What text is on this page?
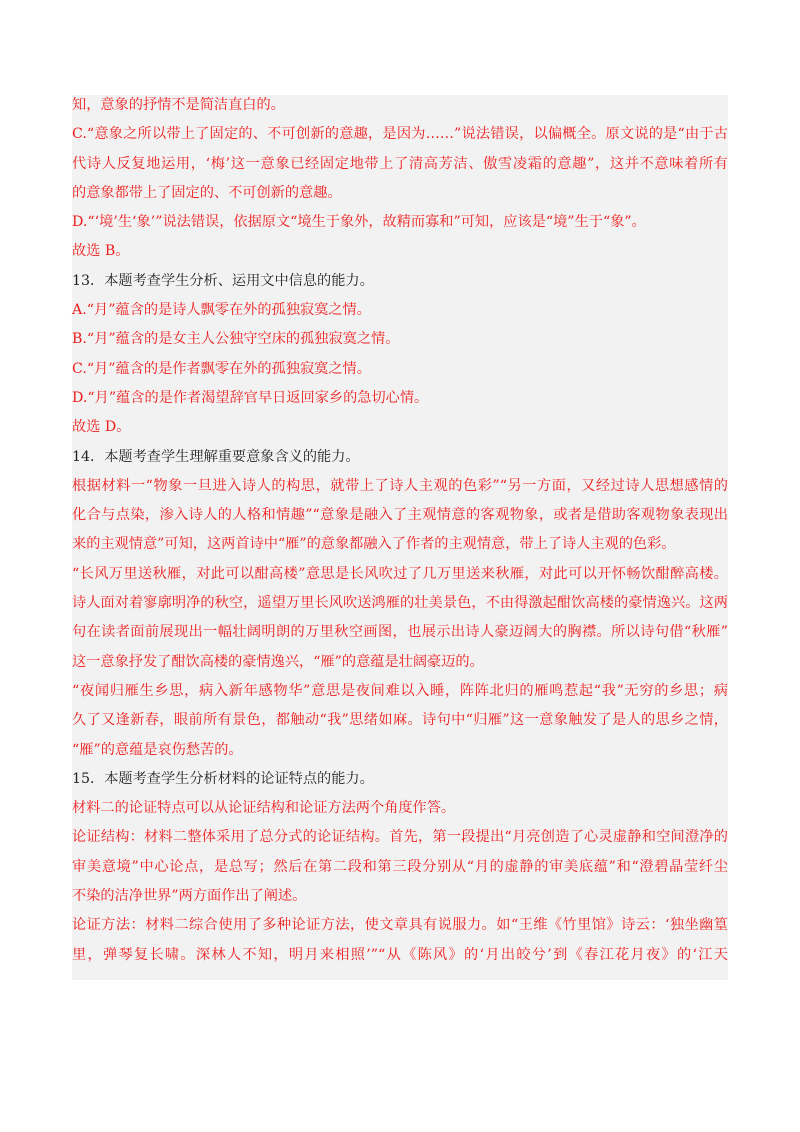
知，意象的抒情不是简洁直白的。
C.“意象之所以带上了固定的、不可创新的意趣，是因为……”说法错误，以偏概全。原文说的是“由于古
代诗人反复地运用，‘梅’这一意象已经固定地带上了清高芳洁、傲雪凌霜的意趣”，这并不意味着所有
的意象都带上了固定的、不可创新的意趣。
D.“‘境’生‘象’”说法错误，依据原文“境生于象外，故精而寡和”可知，应该是“境”生于“象”。
故选 B。
13．本题考查学生分析、运用文中信息的能力。
A.“月”蕴含的是诗人飘零在外的孤独寂寞之情。
B.“月”蕴含的是女主人公独守空床的孤独寂寞之情。
C.“月”蕴含的是作者飘零在外的孤独寂寞之情。
D.“月”蕴含的是作者渴望辞官早日返回家乡的急切心情。
故选 D。
14．本题考查学生理解重要意象含义的能力。
根据材料一“物象一旦进入诗人的构思，就带上了诗人主观的色彩”“另一方面，又经过诗人思想感情的
化合与点染，渗入诗人的人格和情趣”“意象是融入了主观情意的客观物象，或者是借助客观物象表现出
来的主观情意”可知，这两首诗中“雁”的意象都融入了作者的主观情意，带上了诗人主观的色彩。
“长风万里送秋雁，对此可以酣高楼”意思是长风吹过了几万里送来秋雁，对此可以开怀畅饮酣醉高楼。
诗人面对着寥廓明净的秋空，遥望万里长风吹送鸿雁的壮美景色，不由得激起酣饮高楼的豪情逸兴。这两
句在读者面前展现出一幅壮阔明朗的万里秋空画图，也展示出诗人豪迈阔大的胸襟。所以诗句借“秋雁”
这一意象抒发了酣饮高楼的豪情逸兴，“雁”的意蕴是壮阔豪迈的。
“夜闻归雁生乡思，病入新年感物华”意思是夜间难以入睡，阵阵北归的雁鸣惹起“我”无穷的乡思；病
久了又逢新春，眼前所有景色，都触动“我”思绪如麻。诗句中“归雁”这一意象触发了是人的思乡之情，
“雁”的意蕴是哀伤愁苦的。
15．本题考查学生分析材料的论证特点的能力。
材料二的论证特点可以从论证结构和论证方法两个角度作答。
论证结构：材料二整体采用了总分式的论证结构。首先，第一段提出“月亮创造了心灵虚静和空间澄净的
审美意境”中心论点，是总写；然后在第二段和第三段分别从“月的虚静的审美底蕴”和“澄碧晶莹纤尘
不染的洁净世界”两方面作出了阐述。
论证方法：材料二综合使用了多种论证方法，使文章具有说服力。如“王维《竹里馆》诗云：‘独坐幽篁
里，弹琴复长啸。深林人不知，明月来相照’”“从《陈风》的‘月出皎兮’到《春江花月夜》的‘江天
